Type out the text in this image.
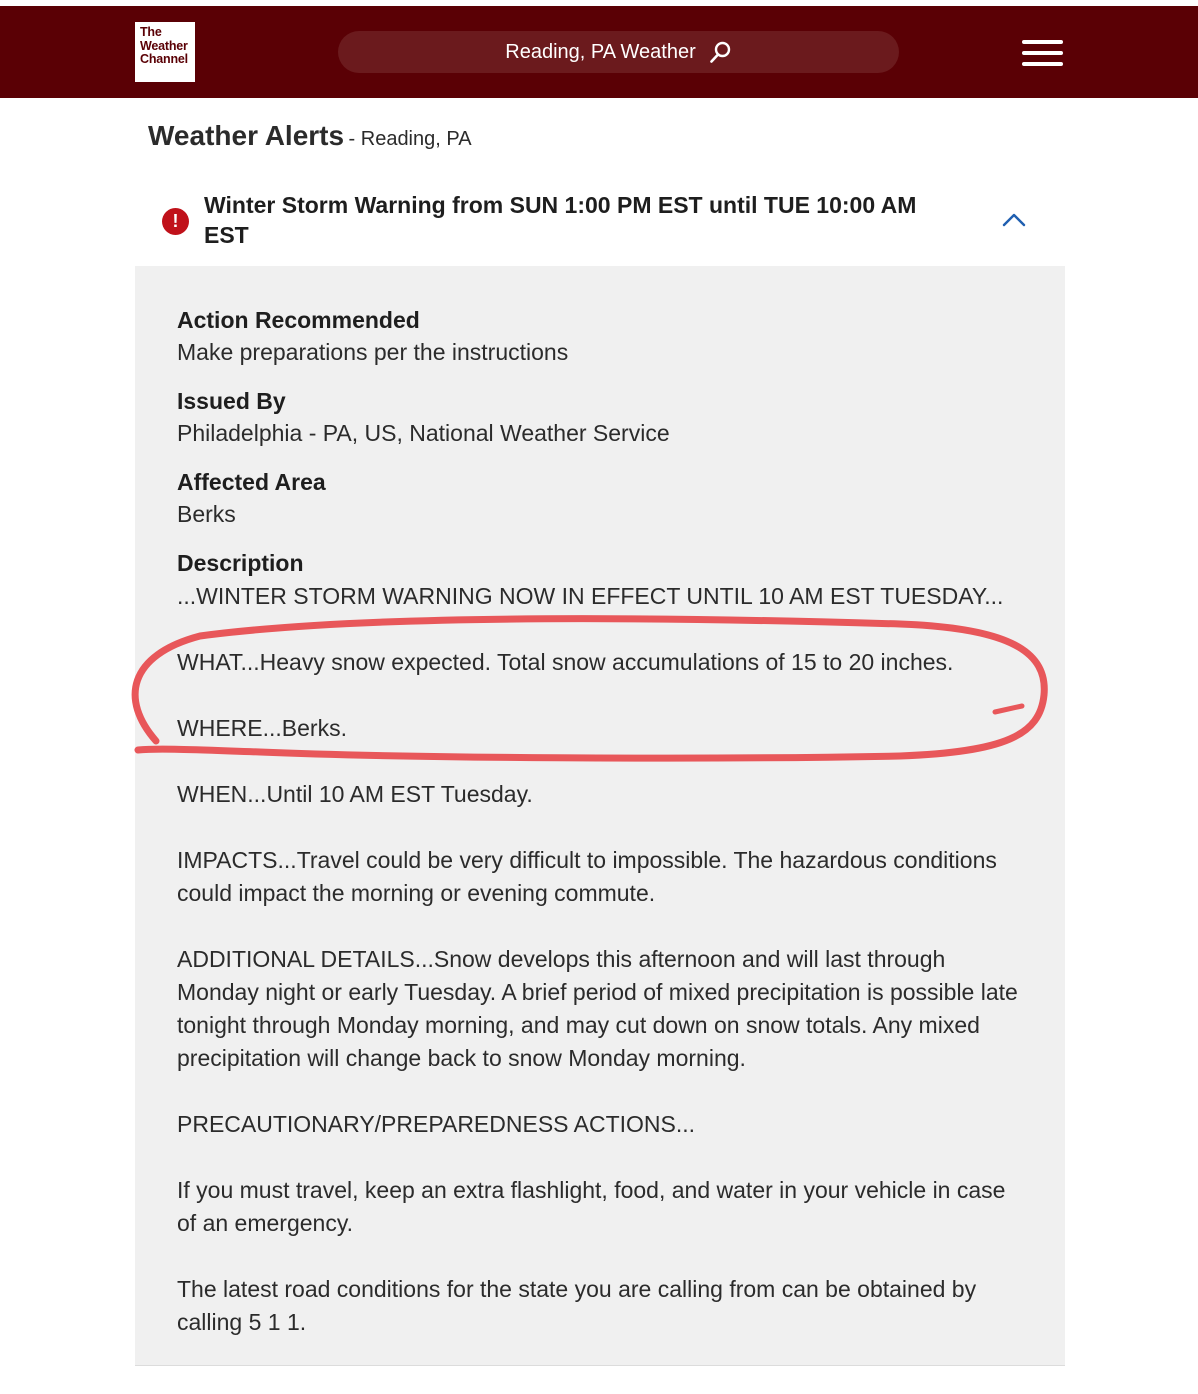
The
Weather
Channel	Reading, PA Weather
Weather Alerts - Reading, PA
!
Winter Storm Warning from SUN 1:00 PM EST until TUE 10:00 AM EST
Action Recommended
Make preparations per the instructions
Issued By
Philadelphia - PA, US, National Weather Service
Affected Area
Berks
Description

...WINTER STORM WARNING NOW IN EFFECT UNTIL 10 AM EST TUESDAY...

WHAT...Heavy snow expected. Total snow accumulations of 15 to 20 inches.

WHERE...Berks.

WHEN...Until 10 AM EST Tuesday.

IMPACTS...Travel could be very difficult to impossible. The hazardous conditions could impact the morning or evening commute.

ADDITIONAL DETAILS...Snow develops this afternoon and will last through Monday night or early Tuesday. A brief period of mixed precipitation is possible late tonight through Monday morning, and may cut down on snow totals. Any mixed precipitation will change back to snow Monday morning.

PRECAUTIONARY/PREPAREDNESS ACTIONS...

If you must travel, keep an extra flashlight, food, and water in your vehicle in case of an emergency.

The latest road conditions for the state you are calling from can be obtained by calling 5 1 1.
